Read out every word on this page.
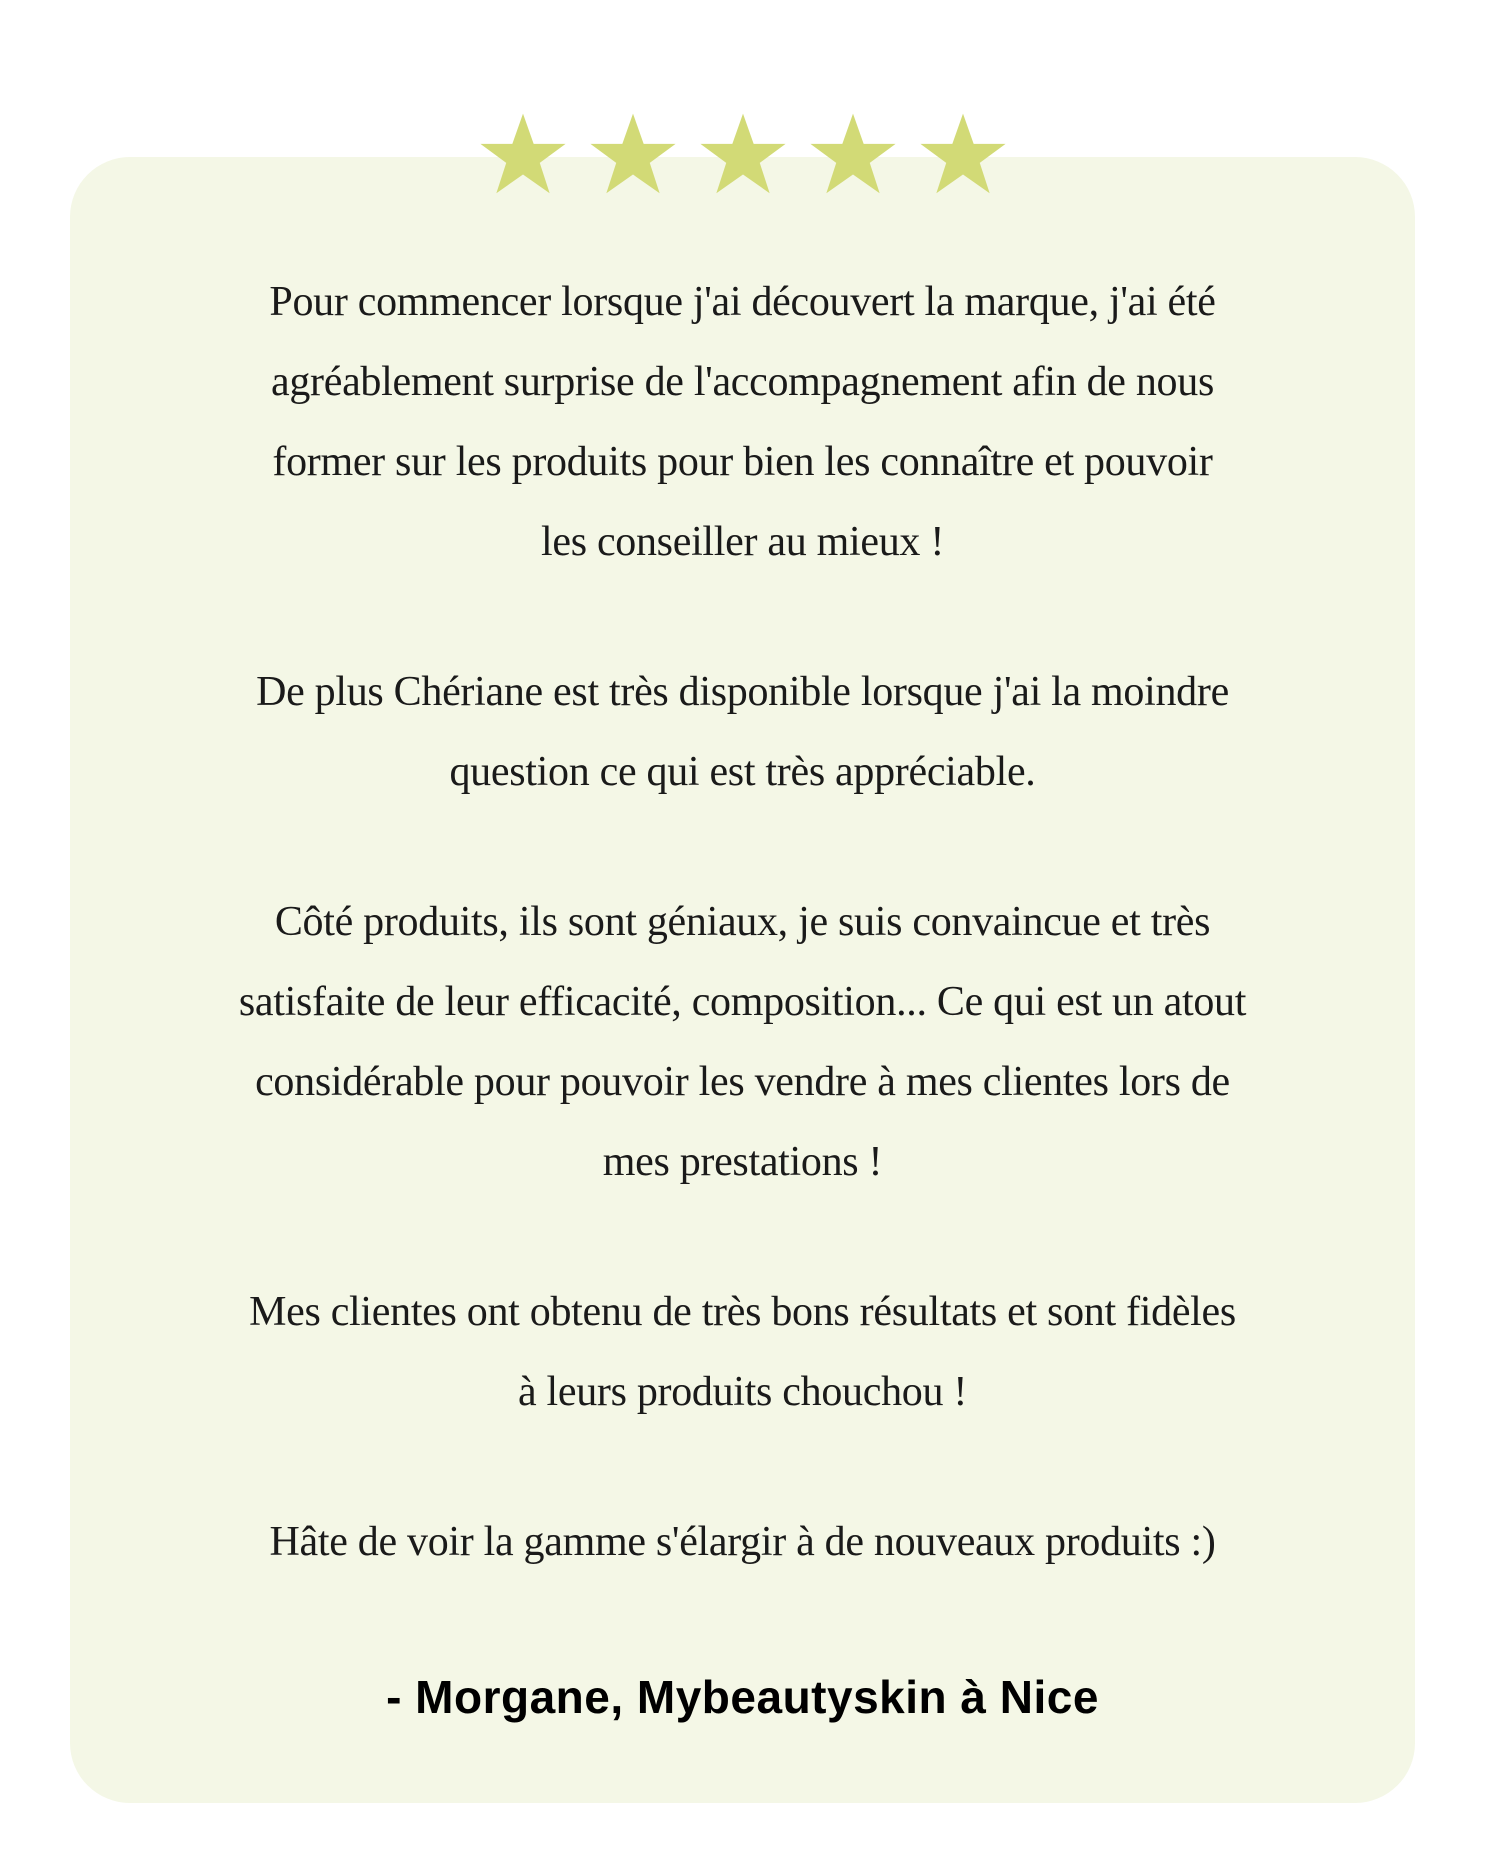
Pour commencer lorsque j'ai découvert la marque, j'ai été
agréablement surprise de l'accompagnement afin de nous
former sur les produits pour bien les connaître et pouvoir
les conseiller au mieux !
De plus Chériane est très disponible lorsque j'ai la moindre
question ce qui est très appréciable.
Côté produits, ils sont géniaux, je suis convaincue et très
satisfaite de leur efficacité, composition... Ce qui est un atout
considérable pour pouvoir les vendre à mes clientes lors de
mes prestations !
Mes clientes ont obtenu de très bons résultats et sont fidèles
à leurs produits chouchou !
Hâte de voir la gamme s'élargir à de nouveaux produits :)
- Morgane, Mybeautyskin à Nice
